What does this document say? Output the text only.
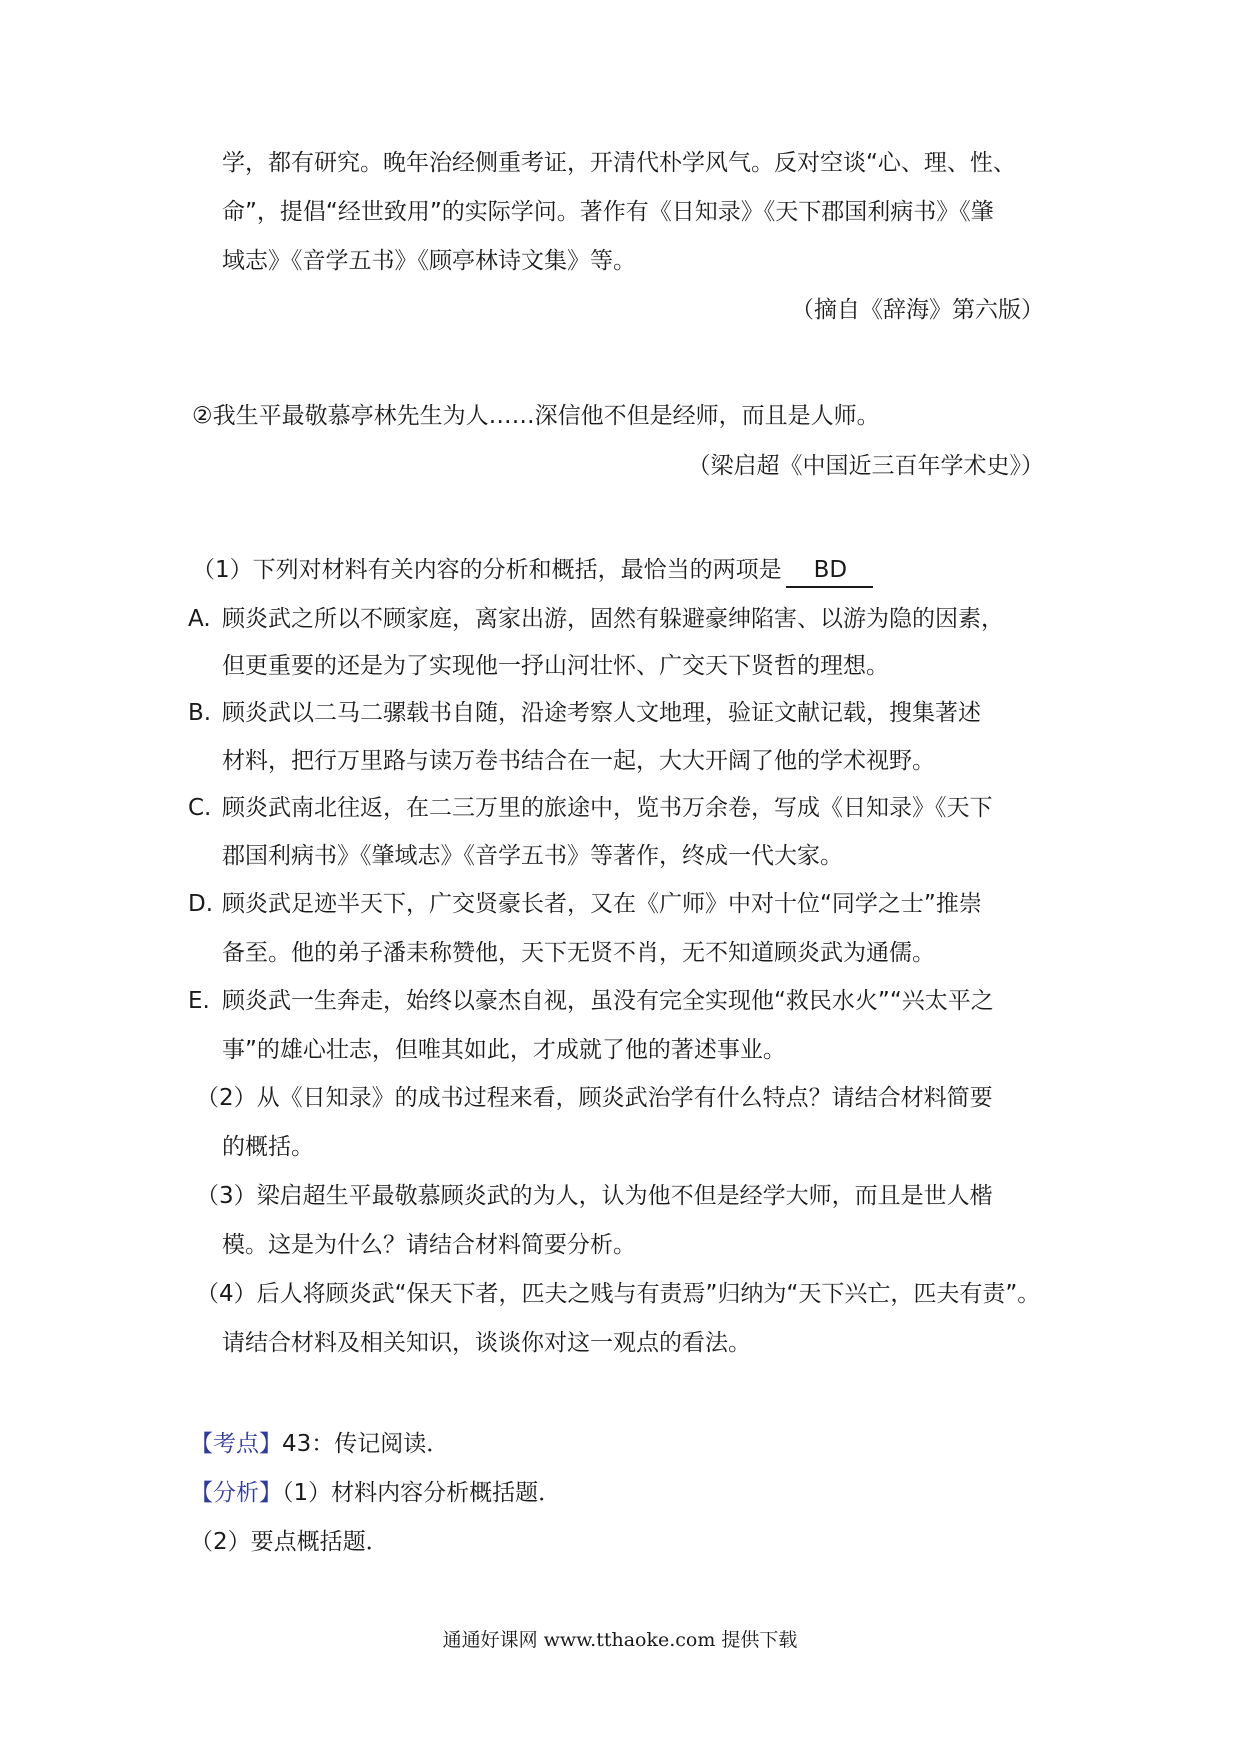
学，都有研究。晚年治经侧重考证，开清代朴学风气。反对空谈“心、理、性、
命”，提倡“经世致用”的实际学问。著作有《日知录》《天下郡国利病书》《肇
域志》《音学五书》《顾亭林诗文集》等。
（摘自《辞海》第六版）
②我生平最敬慕亭林先生为人……深信他不但是经师，而且是人师。
（梁启超《中国近三百年学术史》）
（1）下列对材料有关内容的分析和概括，最恰当的两项是 BD
A. 顾炎武之所以不顾家庭，离家出游，固然有躲避豪绅陷害、以游为隐的因素，
但更重要的还是为了实现他一抒山河壮怀、广交天下贤哲的理想。
B. 顾炎武以二马二骡载书自随，沿途考察人文地理，验证文献记载，搜集著述
材料，把行万里路与读万卷书结合在一起，大大开阔了他的学术视野。
C. 顾炎武南北往返，在二三万里的旅途中，览书万余卷，写成《日知录》《天下
郡国利病书》《肇域志》《音学五书》等著作，终成一代大家。
D. 顾炎武足迹半天下，广交贤豪长者，又在《广师》中对十位“同学之士”推崇
备至。他的弟子潘耒称赞他，天下无贤不肖，无不知道顾炎武为通儒。
E. 顾炎武一生奔走，始终以豪杰自视，虽没有完全实现他“救民水火”“兴太平之
事”的雄心壮志，但唯其如此，才成就了他的著述事业。
（2）从《日知录》的成书过程来看，顾炎武治学有什么特点？请结合材料简要
的概括。
（3）梁启超生平最敬慕顾炎武的为人，认为他不但是经学大师，而且是世人楷
模。这是为什么？请结合材料简要分析。
（4）后人将顾炎武“保天下者，匹夫之贱与有责焉”归纳为“天下兴亡，匹夫有责”。
请结合材料及相关知识，谈谈你对这一观点的看法。
【考点】43：传记阅读．
【分析】（1）材料内容分析概括题．
（2）要点概括题．
通通好课网 www.tthaoke.com 提供下载
